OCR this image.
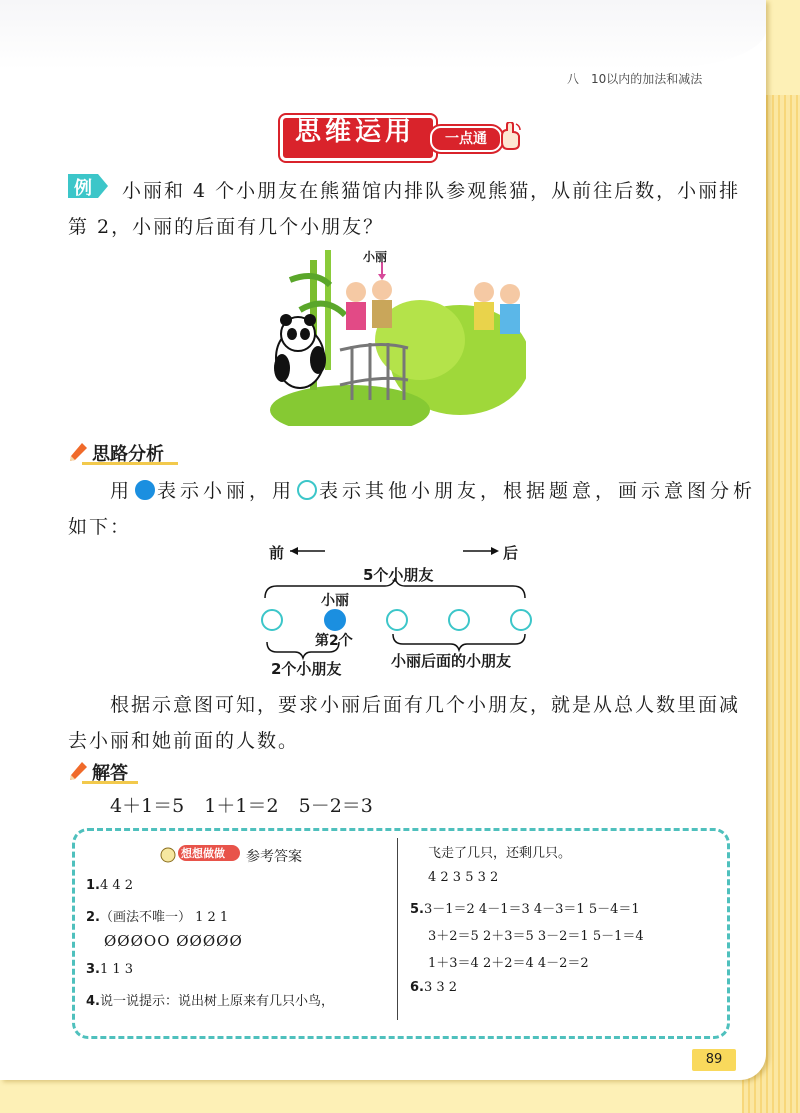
八 10以内的加法和减法
思维运用	一点通
例 小丽和 4 个小朋友在熊猫馆内排队参观熊猫，从前往后数，小丽排
第 2，小丽的后面有几个小朋友？
小丽
思路分析
用 表示小丽，用 表示其他小朋友，根据题意，画示意图分析
如下：
前	后
5个小朋友
小丽
第2个
2个小朋友	小丽后面的小朋友
根据示意图可知，要求小丽后面有几个小朋友，就是从总人数里面减
去小丽和她前面的人数。
解答
4＋1＝5 1＋1＝2 5－2＝3
想想做做 参考答案
1.4 4 2
2.（画法不唯一） 1 2 1
ØØØOO ØØØØØ
3.1 1 3
4.说一说提示：说出树上原来有几只小鸟，
飞走了几只，还剩几只。
4 2 3 5 3 2
5.3－1＝2 4－1＝3 4－3＝1 5－4＝1
3＋2＝5 2＋3＝5 3－2＝1 5－1＝4
1＋3＝4 2＋2＝4 4－2＝2
6.3 3 2
89
